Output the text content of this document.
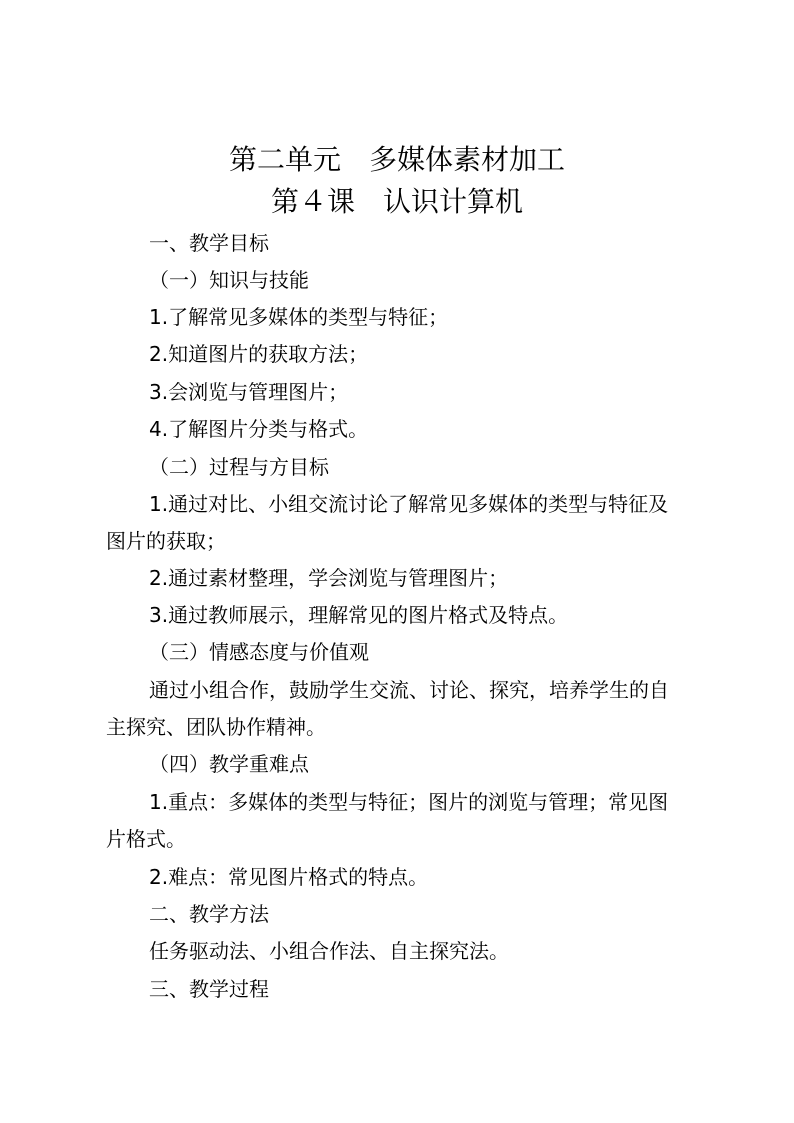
第二单元　多媒体素材加工
第４课　认识计算机
一、教学目标
（一）知识与技能
1.了解常见多媒体的类型与特征；
2.知道图片的获取方法；
3.会浏览与管理图片；
4.了解图片分类与格式。
（二）过程与方目标
1.通过对比、小组交流讨论了解常见多媒体的类型与特征及
图片的获取；
2.通过素材整理，学会浏览与管理图片；
3.通过教师展示，理解常见的图片格式及特点。
（三）情感态度与价值观
通过小组合作，鼓励学生交流、讨论、探究，培养学生的自
主探究、团队协作精神。
（四）教学重难点
1.重点：多媒体的类型与特征；图片的浏览与管理；常见图
片格式。
2.难点：常见图片格式的特点。
二、教学方法
任务驱动法、小组合作法、自主探究法。
三、教学过程
